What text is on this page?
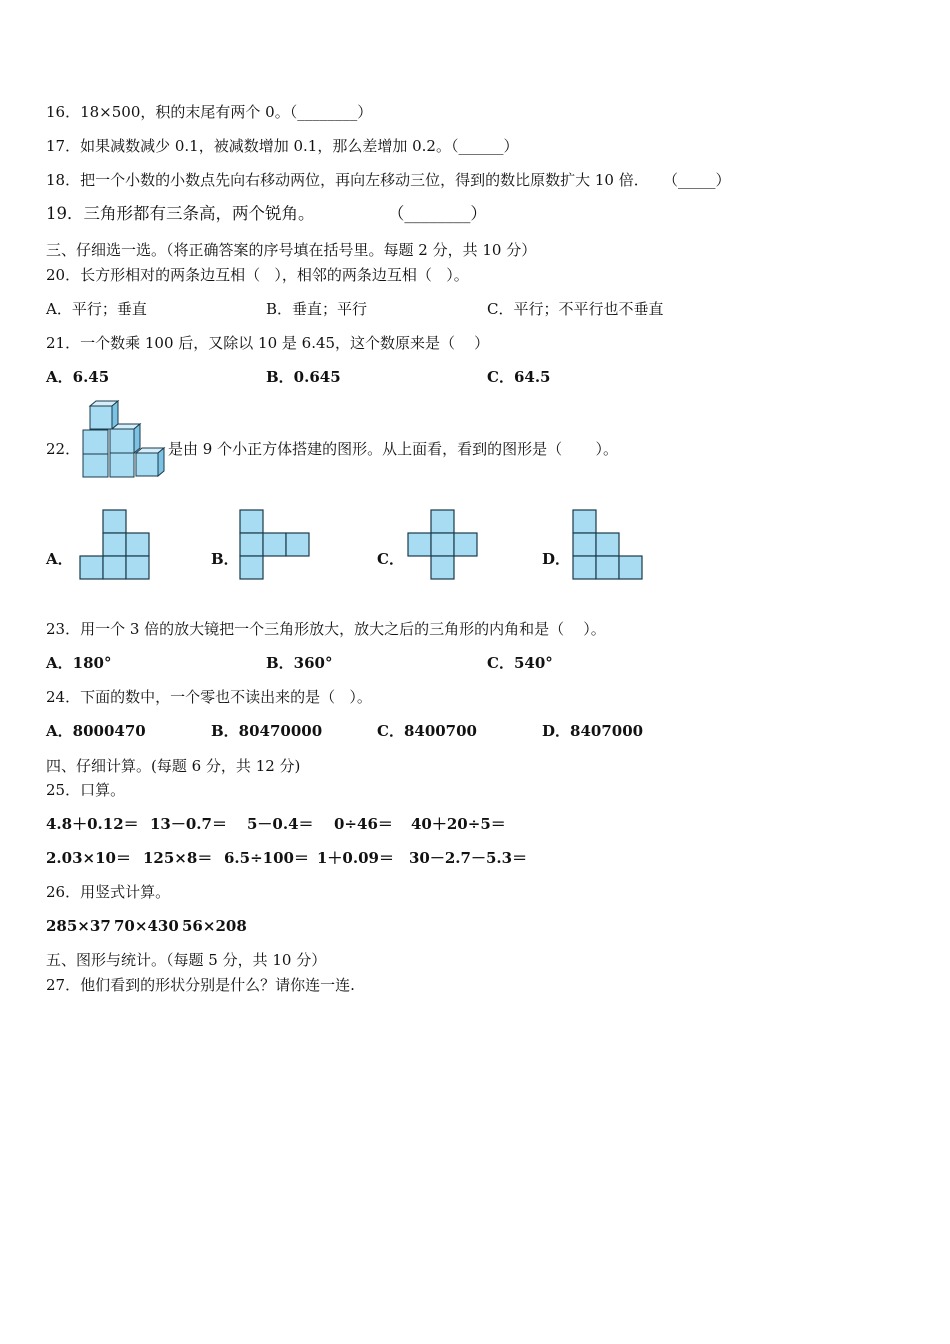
16．18×500，积的末尾有两个 0。（________）
17．如果减数减少 0.1，被减数增加 0.1，那么差增加 0.2。（______）
18．把一个小数的小数点先向右移动两位，再向左移动三位，得到的数比原数扩大 10 倍．   （_____）
19．三角形都有三条高，两个锐角。              （________）
三、仔细选一选。（将正确答案的序号填在括号里。每题 2 分，共 10 分）
20．长方形相对的两条边互相（   ），相邻的两条边互相（   ）。
A．平行；垂直	B．垂直；平行	C．平行；不平行也不垂直
21．一个数乘 100 后，又除以 10 是 6.45，这个数原来是（    ）
A．6.45	B．0.645	C．64.5
22．	是由 9 个小正方体搭建的图形。从上面看，看到的图形是（       ）。
A．	B．	C．	D．
23．用一个 3 倍的放大镜把一个三角形放大，放大之后的三角形的内角和是（    ）。
A．180°	B．360°	C．540°
24．下面的数中，一个零也不读出来的是（   ）。
A．8000470	B．80470000	C．8400700	D．8407000
四、仔细计算。(每题 6 分，共 12 分)
25．口算。
4.8＋0.12＝ 13－0.7＝ 5－0.4＝ 0÷46＝ 40＋20÷5＝
2.03×10＝ 125×8＝ 6.5÷100＝ 1＋0.09＝ 30－2.7－5.3＝
26．用竖式计算。
285×37 70×430 56×208
五、图形与统计。（每题 5 分，共 10 分）
27．他们看到的形状分别是什么？请你连一连.
